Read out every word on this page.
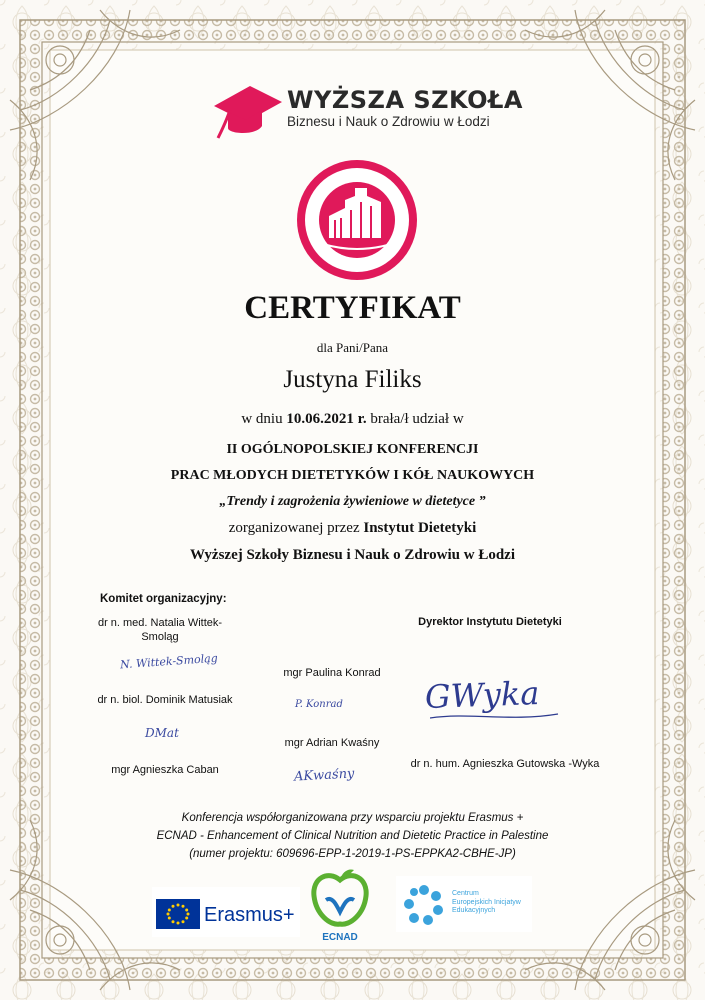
WYŻSZA SZKOŁA
Biznesu i Nauk o Zdrowiu w Łodzi
CERTYFIKAT
dla Pani/Pana
Justyna Filiks
w dniu 10.06.2021 r. brała/ł udział w
II OGÓLNOPOLSKIEJ KONFERENCJI
PRAC MŁODYCH DIETETYKÓW I KÓŁ NAUKOWYCH
„Trendy i zagrożenia żywieniowe w dietetyce ”
zorganizowanej przez Instytut Dietetyki
Wyższej Szkoły Biznesu i Nauk o Zdrowiu w Łodzi
Komitet organizacyjny:
dr n. med. Natalia Wittek-
Smoląg
N. Wittek-Smoląg
dr n. biol. Dominik Matusiak
DMat
mgr Agnieszka Caban
mgr Paulina Konrad
P. Konrad
mgr Adrian Kwaśny
AKwaśny
Dyrektor Instytutu Dietetyki
GWyka
dr n. hum. Agnieszka Gutowska -Wyka
Konferencja współorganizowana przy wsparciu projektu Erasmus +
ECNAD - Enhancement of Clinical Nutrition and Dietetic Practice in Palestine
(numer projektu: 609696-EPP-1-2019-1-PS-EPPKA2-CBHE-JP)
Erasmus+
ECNAD
Centrum
Europejskich Inicjatyw
Edukacyjnych
